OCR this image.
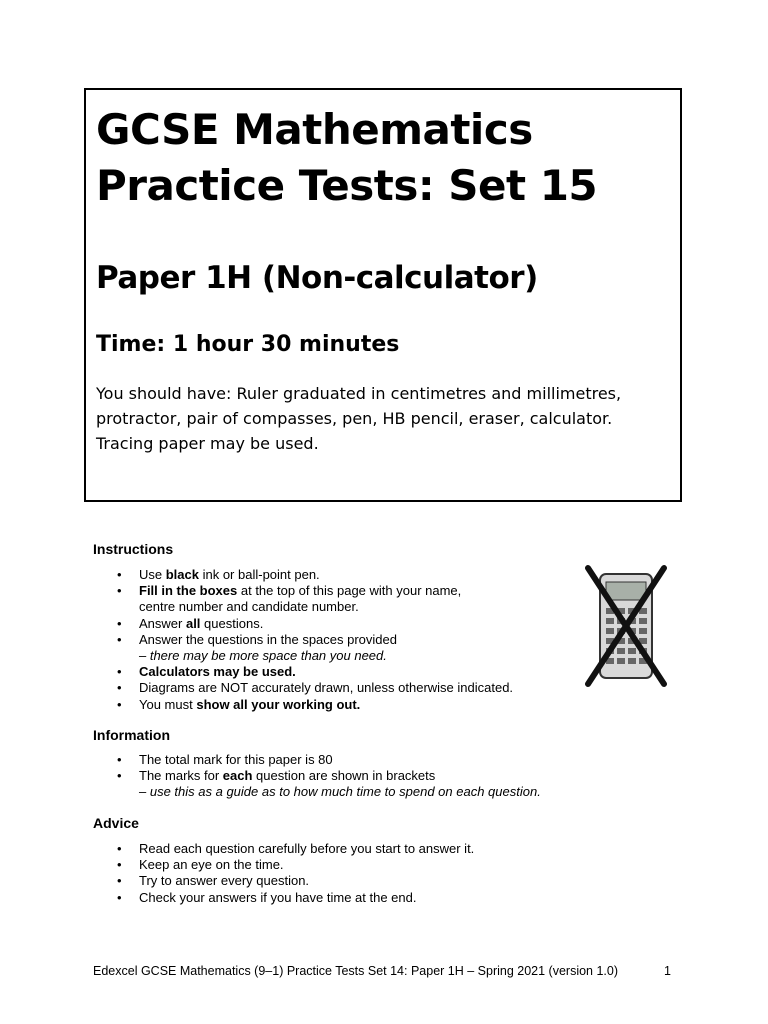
GCSE Mathematics
Practice Tests: Set 15
Paper 1H (Non-calculator)
Time: 1 hour 30 minutes
You should have: Ruler graduated in centimetres and millimetres,
protractor, pair of compasses, pen, HB pencil, eraser, calculator.
Tracing paper may be used.
Instructions
• Use black ink or ball-point pen.
• Fill in the boxes at the top of this page with your name,
centre number and candidate number.
• Answer all questions.
• Answer the questions in the spaces provided
– there may be more space than you need.
• Calculators may be used.
• Diagrams are NOT accurately drawn, unless otherwise indicated.
• You must show all your working out.
Information
• The total mark for this paper is 80
• The marks for each question are shown in brackets
– use this as a guide as to how much time to spend on each question.
Advice
• Read each question carefully before you start to answer it.
• Keep an eye on the time.
• Try to answer every question.
• Check your answers if you have time at the end.
Edexcel GCSE Mathematics (9–1) Practice Tests Set 14: Paper 1H – Spring 2021 (version 1.0)	1
